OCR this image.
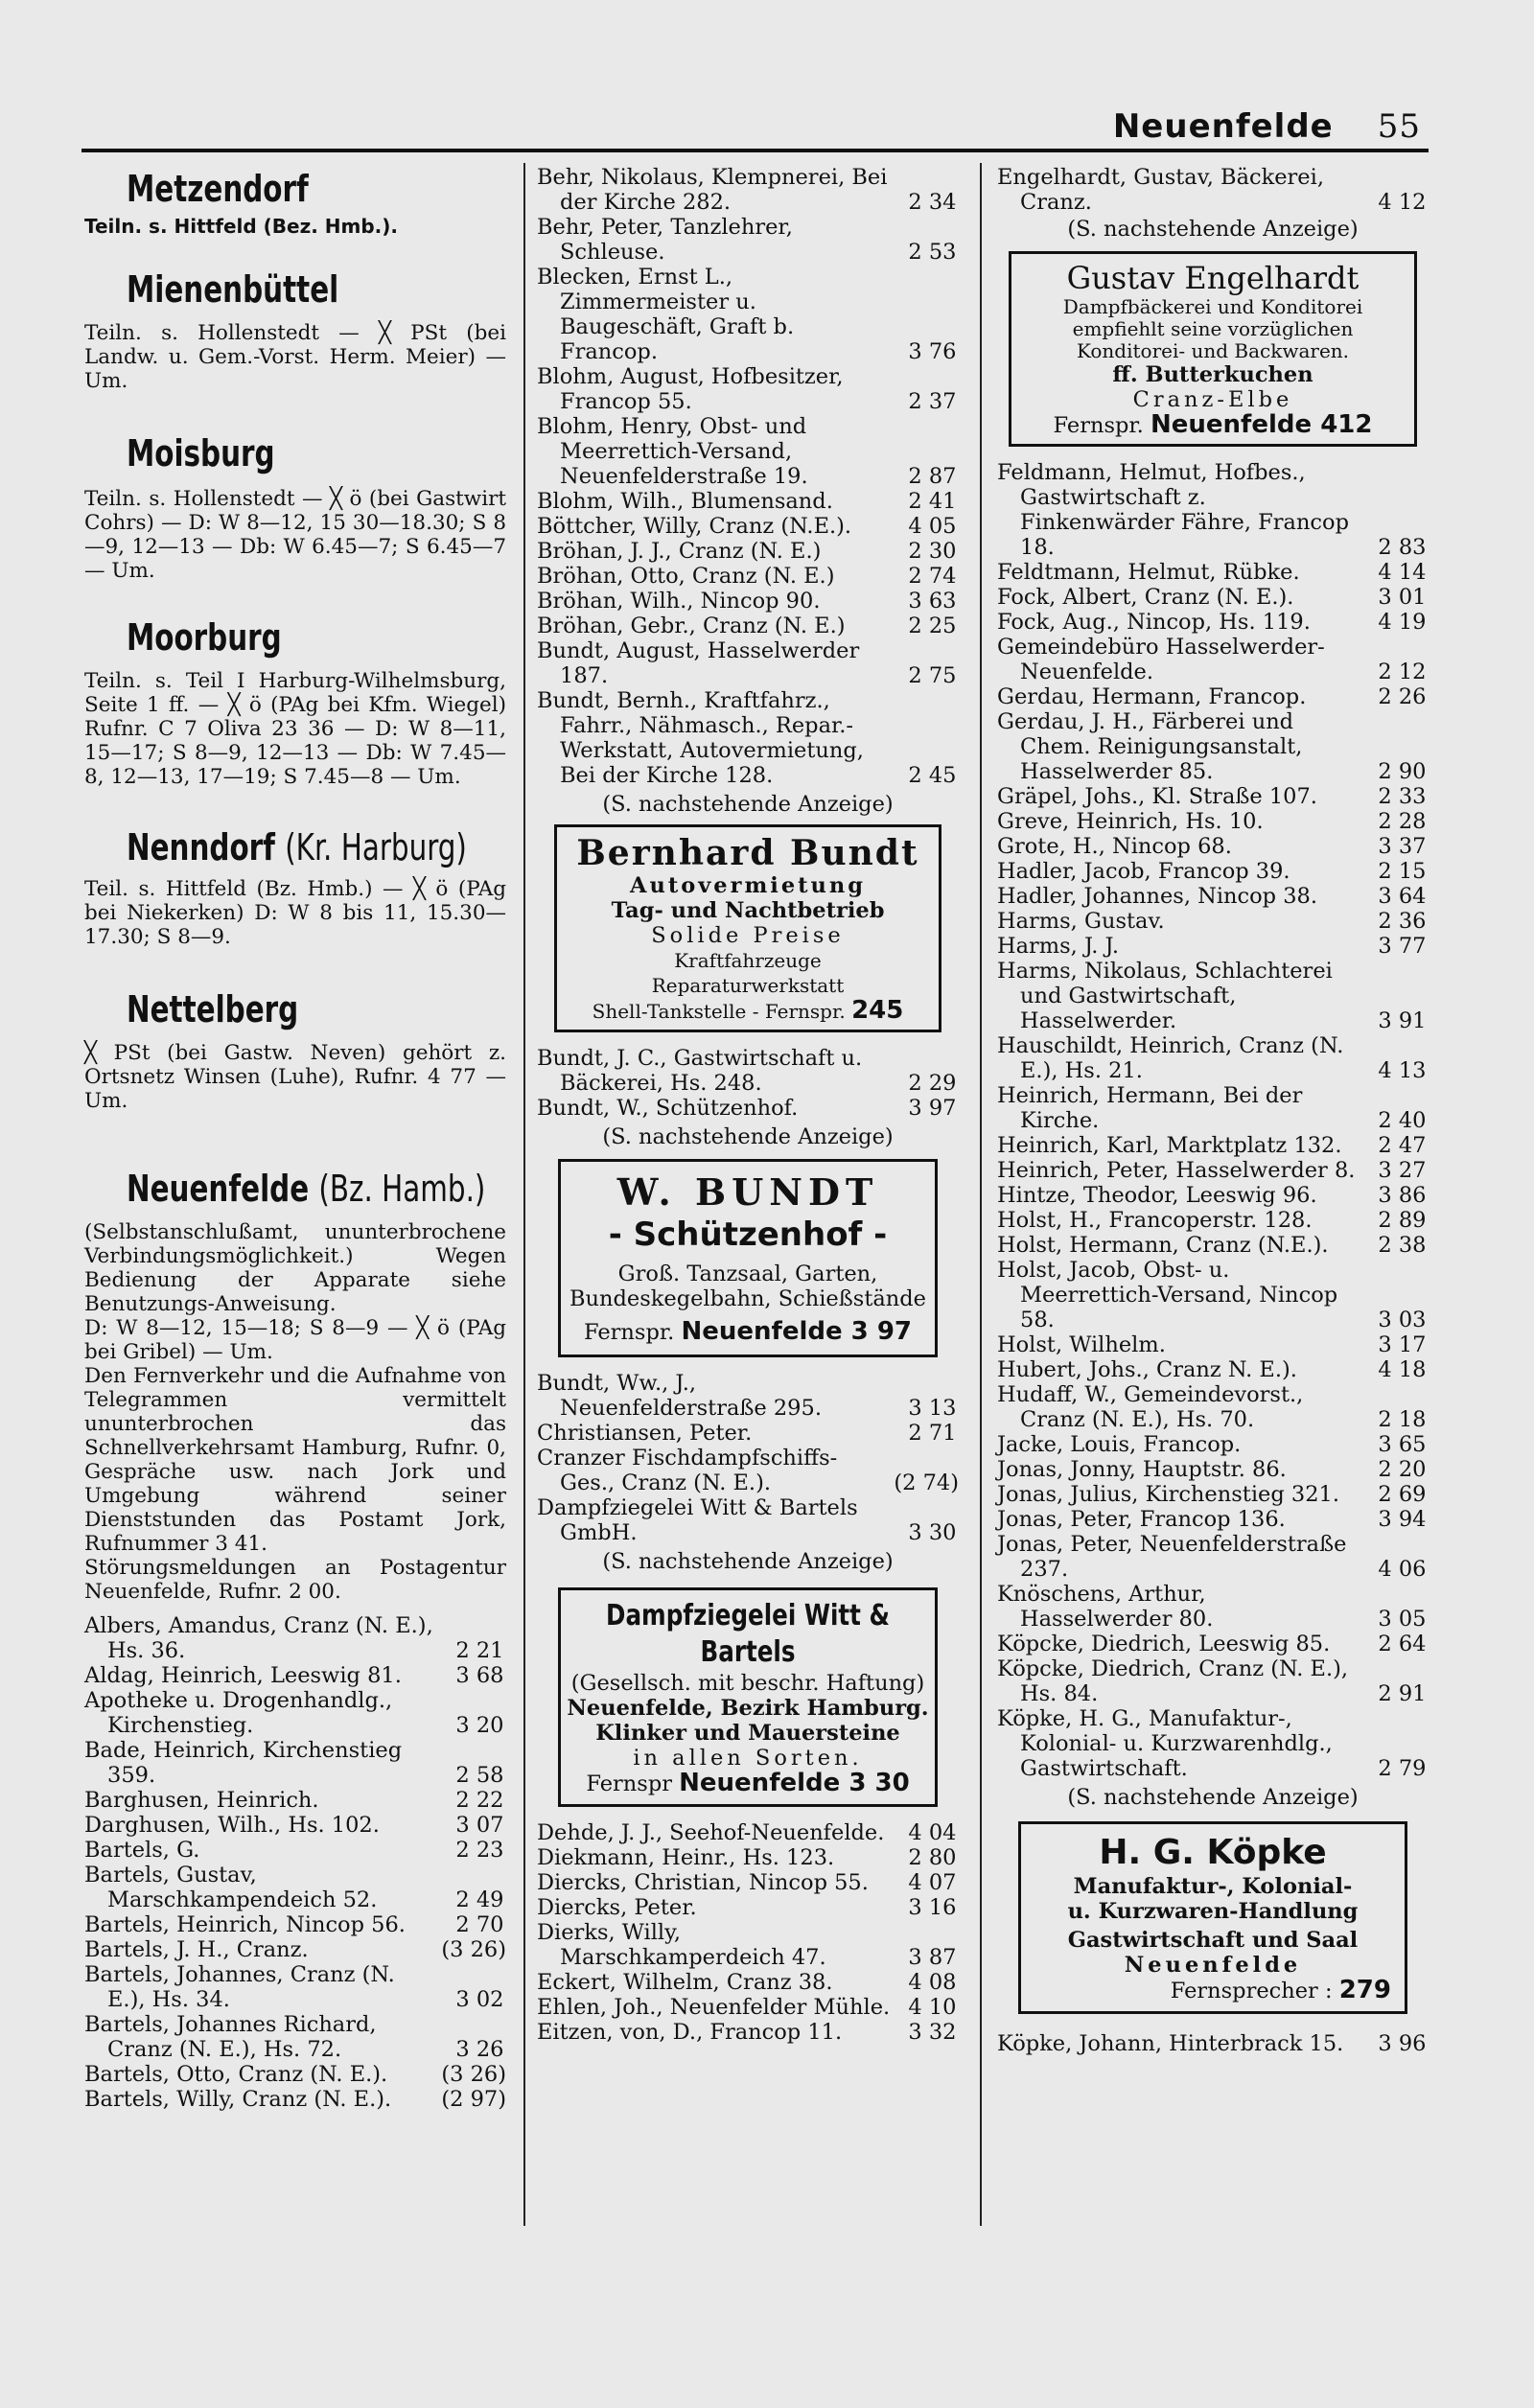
Neuenfelde 55
Metzendorf
Teiln. s. Hittfeld (Bez. Hmb.).
Mienenbüttel
Teiln. s. Hollenstedt — ╳ PSt (bei Landw. u. Gem.-Vorst. Herm. Meier) — Um.
Moisburg
Teiln. s. Hollenstedt — ╳ ö (bei Gastwirt Cohrs) — D: W 8—12, 15 30—18.30; S 8—9, 12—13 — Db: W 6.45—7; S 6.45—7 — Um.
Moorburg
Teiln. s. Teil I Harburg-Wilhelmsburg, Seite 1 ff. — ╳ ö (PAg bei Kfm. Wiegel) Rufnr. C 7 Oliva 23 36 — D: W 8—11, 15—17; S 8—9, 12—13 — Db: W 7.45—8, 12—13, 17—19; S 7.45—8 — Um.
Nenndorf (Kr. Harburg)
Teil. s. Hittfeld (Bz. Hmb.) — ╳ ö (PAg bei Niekerken) D: W 8 bis 11, 15.30—17.30; S 8—9.
Nettelberg
╳ PSt (bei Gastw. Neven) gehört z. Ortsnetz Winsen (Luhe), Rufnr. 4 77 — Um.
Neuenfelde (Bz. Hamb.)
(Selbstanschlußamt, ununterbrochene Verbindungsmöglichkeit.) Wegen Bedienung der Apparate siehe Benutzungs-Anweisung.
D: W 8—12, 15—18; S 8—9 — ╳ ö (PAg bei Gribel) — Um.
Den Fernverkehr und die Aufnahme von Telegrammen vermittelt ununterbrochen das Schnellverkehrsamt Hamburg, Rufnr. 0, Gespräche usw. nach Jork und Umgebung während seiner Dienststunden das Postamt Jork, Rufnummer 3 41.
Störungsmeldungen an Postagentur Neuenfelde, Rufnr. 2 00.
Albers, Amandus, Cranz (N. E.), Hs. 36.	2 21
Aldag, Heinrich, Leeswig 81.	3 68
Apotheke u. Drogenhandlg., Kirchenstieg.	3 20
Bade, Heinrich, Kirchenstieg 359.	2 58
Barghusen, Heinrich.	2 22
Darghusen, Wilh., Hs. 102.	3 07
Bartels, G.	2 23
Bartels, Gustav, Marschkampendeich 52.	2 49
Bartels, Heinrich, Nincop 56. 2 70
Bartels, J. H., Cranz.	(3 26)
Bartels, Johannes, Cranz (N. E.), Hs. 34.	3 02
Bartels, Johannes Richard, Cranz (N. E.), Hs. 72.	3 26
Bartels, Otto, Cranz (N. E.). (3 26)
Bartels, Willy, Cranz (N. E.). (2 97)
Behr, Nikolaus, Klempnerei, Bei der Kirche 282.	2 34
Behr, Peter, Tanzlehrer, Schleuse.	2 53
Blecken, Ernst L., Zimmermeister u. Baugeschäft, Graft b. Francop.	3 76
Blohm, August, Hofbesitzer, Francop 55.	2 37
Blohm, Henry, Obst- und Meerrettich-Versand, Neuenfelderstraße 19.	2 87
Blohm, Wilh., Blumensand.	2 41
Böttcher, Willy, Cranz (N.E.).	4 05
Bröhan, J. J., Cranz (N. E.)	2 30
Bröhan, Otto, Cranz (N. E.)	2 74
Bröhan, Wilh., Nincop 90.	3 63
Bröhan, Gebr., Cranz (N. E.)	2 25
Bundt, August, Hasselwerder 187.	2 75
Bundt, Bernh., Kraftfahrz., Fahrr., Nähmasch., Repar.-Werkstatt, Autovermietung, Bei der Kirche 128.	2 45
(S. nachstehende Anzeige)
Bernhard Bundt
Autovermietung
Tag- und Nachtbetrieb
Solide Preise
Kraftfahrzeuge
Reparaturwerkstatt
Shell-Tankstelle - Fernspr. 245
Bundt, J. C., Gastwirtschaft u. Bäckerei, Hs. 248.	2 29
Bundt, W., Schützenhof.	3 97
(S. nachstehende Anzeige)
W. BUNDT
- Schützenhof -
Groß. Tanzsaal, Garten,
Bundeskegelbahn, Schießstände
Fernspr. Neuenfelde 3 97
Bundt, Ww., J., Neuenfelderstraße 295.	3 13
Christiansen, Peter.	2 71
Cranzer Fischdampfschiffs-Ges., Cranz (N. E.).	(2 74)
Dampfziegelei Witt & Bartels GmbH.	3 30
(S. nachstehende Anzeige)
Dampfziegelei Witt & Bartels
(Gesellsch. mit beschr. Haftung)
Neuenfelde, Bezirk Hamburg.
Klinker und Mauersteine
in allen Sorten.
Fernspr Neuenfelde 3 30
Dehde, J. J., Seehof-Neuenfelde. 4 04
Diekmann, Heinr., Hs. 123.	2 80
Diercks, Christian, Nincop 55. 4 07
Diercks, Peter.	3 16
Dierks, Willy, Marschkamperdeich 47.	3 87
Eckert, Wilhelm, Cranz 38.	4 08
Ehlen, Joh., Neuenfelder Mühle. 4 10
Eitzen, von, D., Francop 11.	3 32
Engelhardt, Gustav, Bäckerei, Cranz.	4 12
(S. nachstehende Anzeige)
Gustav Engelhardt
Dampfbäckerei und Konditorei
empfiehlt seine vorzüglichen
Konditorei- und Backwaren.
ff. Butterkuchen
Cranz-Elbe
Fernspr. Neuenfelde 412
Feldmann, Helmut, Hofbes., Gastwirtschaft z. Finkenwärder Fähre, Francop 18.	2 83
Feldtmann, Helmut, Rübke.	4 14
Fock, Albert, Cranz (N. E.).	3 01
Fock, Aug., Nincop, Hs. 119.	4 19
Gemeindebüro Hasselwerder-Neuenfelde.	2 12
Gerdau, Hermann, Francop.	2 26
Gerdau, J. H., Färberei und Chem. Reinigungsanstalt, Hasselwerder 85.	2 90
Gräpel, Johs., Kl. Straße 107.	2 33
Greve, Heinrich, Hs. 10.	2 28
Grote, H., Nincop 68.	3 37
Hadler, Jacob, Francop 39.	2 15
Hadler, Johannes, Nincop 38.	3 64
Harms, Gustav.	2 36
Harms, J. J.	3 77
Harms, Nikolaus, Schlachterei und Gastwirtschaft, Hasselwerder.	3 91
Hauschildt, Heinrich, Cranz (N. E.), Hs. 21.	4 13
Heinrich, Hermann, Bei der Kirche.	2 40
Heinrich, Karl, Marktplatz 132. 2 47
Heinrich, Peter, Hasselwerder 8. 3 27
Hintze, Theodor, Leeswig 96.	3 86
Holst, H., Francoperstr. 128.	2 89
Holst, Hermann, Cranz (N.E.). 2 38
Holst, Jacob, Obst- u. Meerrettich-Versand, Nincop 58.	3 03
Holst, Wilhelm.	3 17
Hubert, Johs., Cranz N. E.).	4 18
Hudaff, W., Gemeindevorst., Cranz (N. E.), Hs. 70.	2 18
Jacke, Louis, Francop.	3 65
Jonas, Jonny, Hauptstr. 86.	2 20
Jonas, Julius, Kirchenstieg 321. 2 69
Jonas, Peter, Francop 136.	3 94
Jonas, Peter, Neuenfelderstraße 237.	4 06
Knöschens, Arthur, Hasselwerder 80.	3 05
Köpcke, Diedrich, Leeswig 85. 2 64
Köpcke, Diedrich, Cranz (N. E.), Hs. 84.	2 91
Köpke, H. G., Manufaktur-, Kolonial- u. Kurzwarenhdlg., Gastwirtschaft.	2 79
(S. nachstehende Anzeige)
H. G. Köpke
Manufaktur-, Kolonial-
u. Kurzwaren-Handlung
Gastwirtschaft und Saal
Neuenfelde
Fernsprecher : 279
Köpke, Johann, Hinterbrack 15. 3 96
